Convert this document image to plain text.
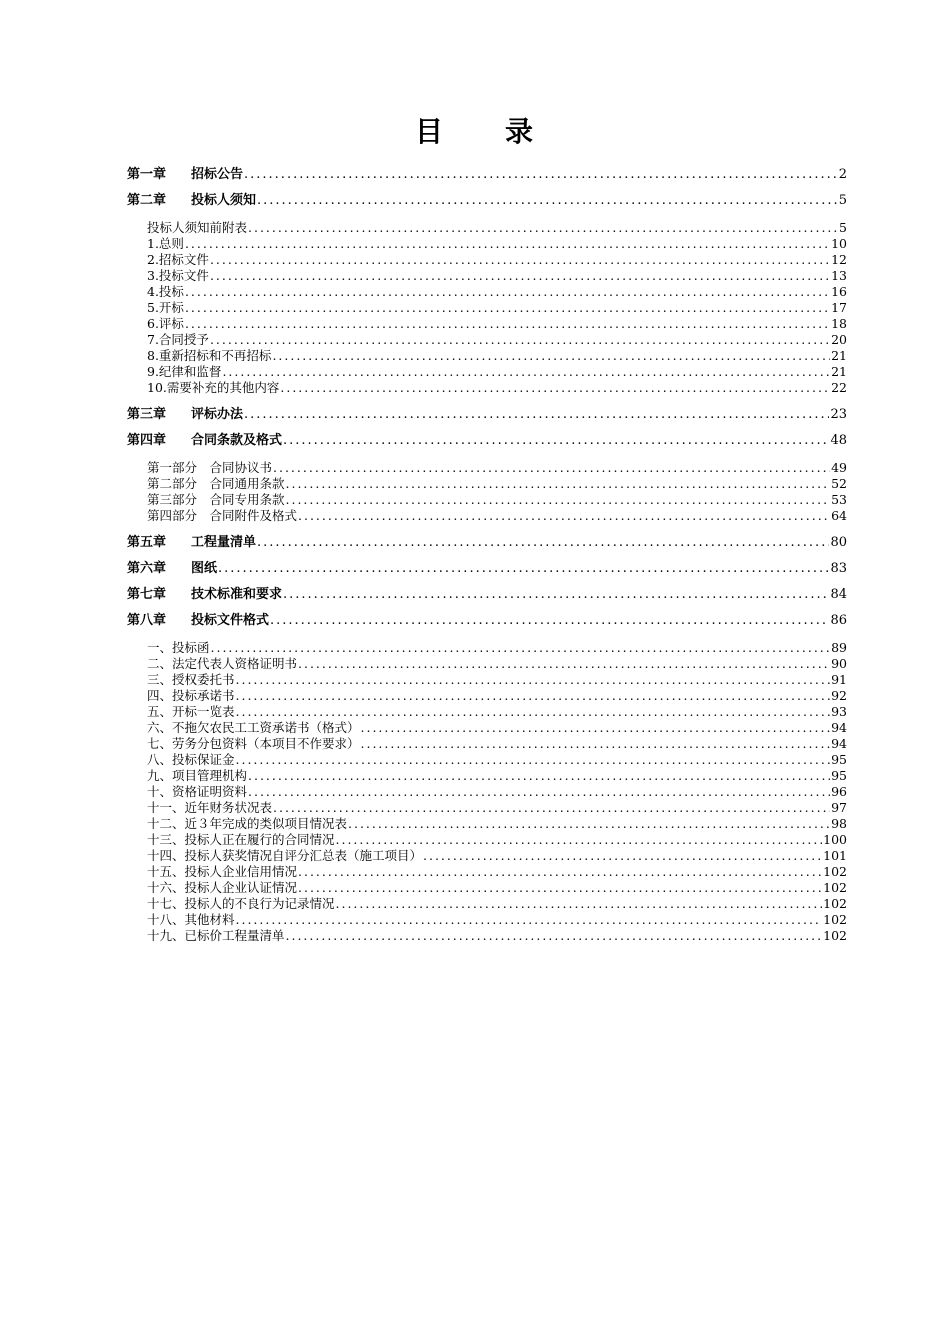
目　　录
第一章 招标公告 .....	2
第二章 投标人须知 .....	5
投标人须知前附表 .....	5
1.总则 .....	10
2.招标文件 .....	12
3.投标文件 .....	13
4.投标 .....	16
5.开标 .....	17
6.评标 .....	18
7.合同授予 .....	20
8.重新招标和不再招标 .....	21
9.纪律和监督 .....	21
10.需要补充的其他内容 .....	22
第三章 评标办法 .....	23
第四章 合同条款及格式 .....	48
第一部分　合同协议书 .....	49
第二部分　合同通用条款 .....	52
第三部分　合同专用条款 .....	53
第四部分　合同附件及格式 .....	64
第五章 工程量清单 .....	80
第六章 图纸 .....	83
第七章 技术标准和要求 .....	84
第八章 投标文件格式 .....	86
一、投标函 .....	89
二、法定代表人资格证明书 .....	90
三、授权委托书 .....	91
四、投标承诺书 .....	92
五、开标一览表 .....	93
六、不拖欠农民工工资承诺书（格式） .....	94
七、劳务分包资料（本项目不作要求） .....	94
八、投标保证金 .....	95
九、项目管理机构 .....	95
十、资格证明资料 .....	96
十一、近年财务状况表 .....	97
十二、近３年完成的类似项目情况表 .....	98
十三、投标人正在履行的合同情况 .....	100
十四、投标人获奖情况自评分汇总表（施工项目） .....	101
十五、投标人企业信用情况 .....	102
十六、投标人企业认证情况 .....	102
十七、投标人的不良行为记录情况 .....	102
十八、其他材料 .....	102
十九、已标价工程量清单 .....	102
